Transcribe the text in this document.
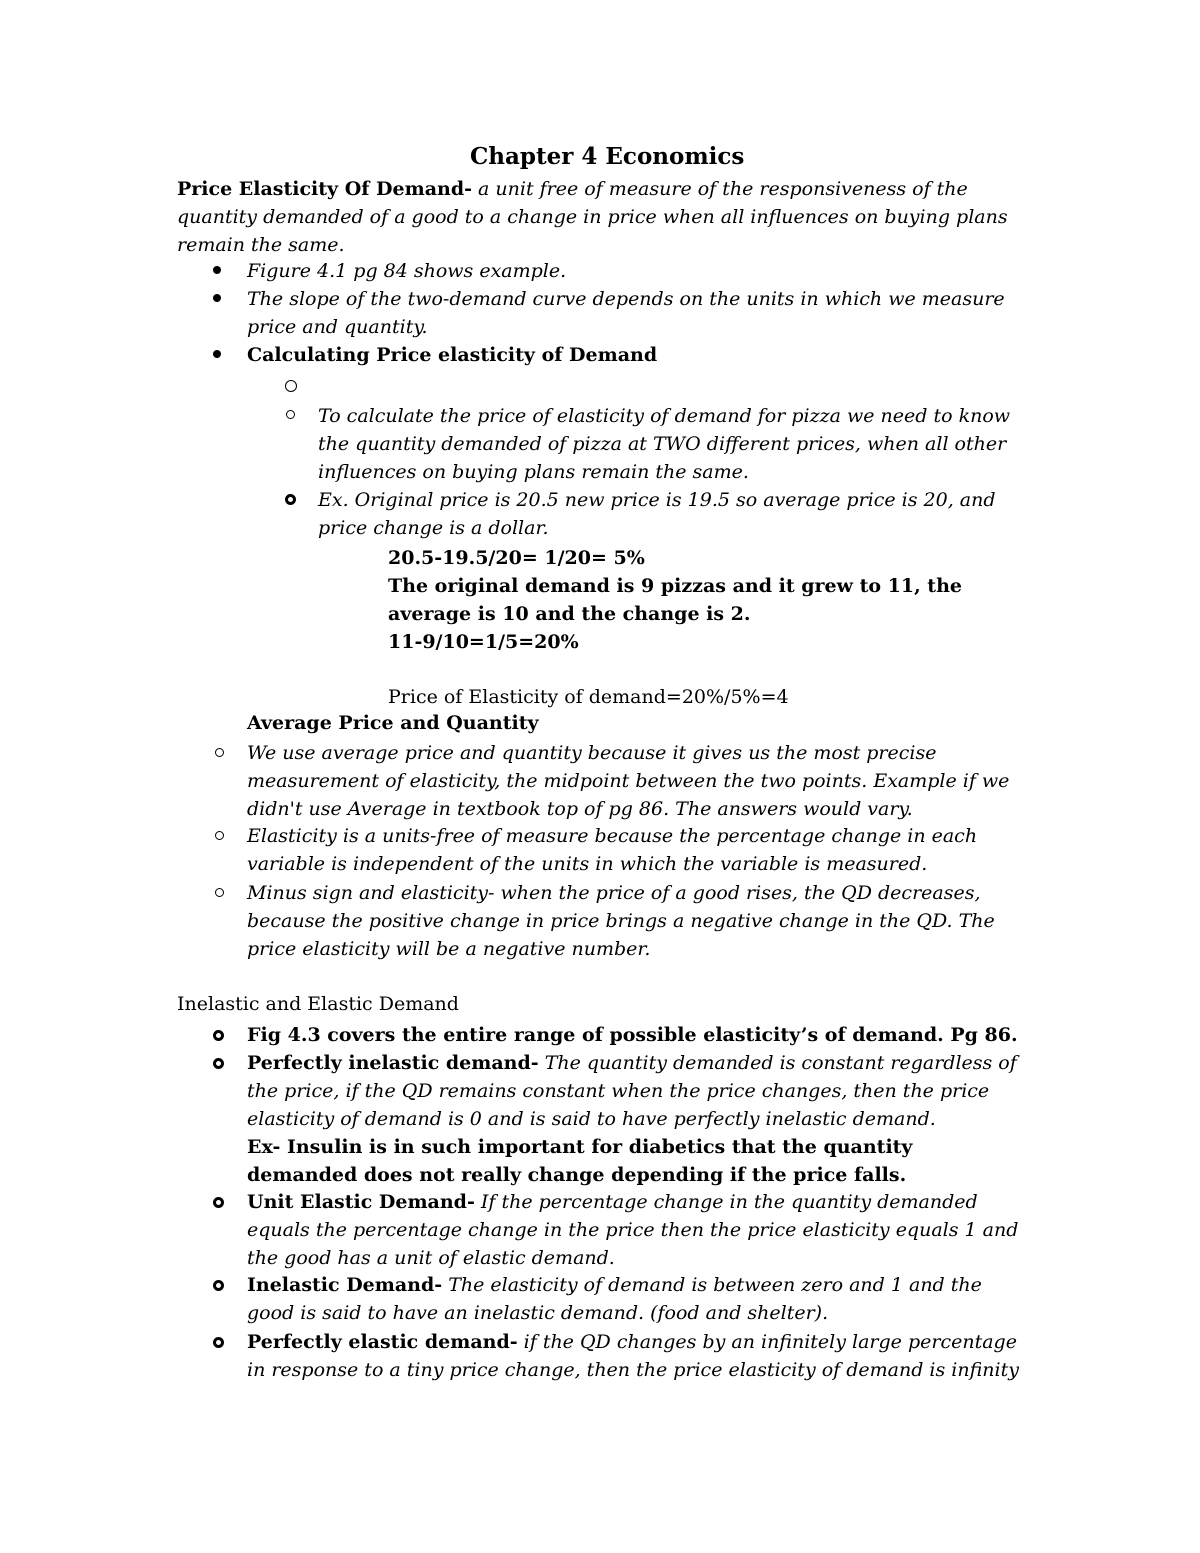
Chapter 4 Economics
Price Elasticity Of Demand- a unit free of measure of the responsiveness of the
quantity demanded of a good to a change in price when all influences on buying plans
remain the same.
Figure 4.1 pg 84 shows example.
The slope of the two-demand curve depends on the units in which we measure
price and quantity.
Calculating Price elasticity of Demand
To calculate the price of elasticity of demand for pizza we need to know
the quantity demanded of pizza at TWO different prices, when all other
influences on buying plans remain the same.
Ex. Original price is 20.5 new price is 19.5 so average price is 20, and
price change is a dollar.
20.5-19.5/20= 1/20= 5%
The original demand is 9 pizzas and it grew to 11, the
average is 10 and the change is 2.
11-9/10=1/5=20%
Price of Elasticity of demand=20%/5%=4
Average Price and Quantity
We use average price and quantity because it gives us the most precise
measurement of elasticity, the midpoint between the two points. Example if we
didn't use Average in textbook top of pg 86. The answers would vary.
Elasticity is a units-free of measure because the percentage change in each
variable is independent of the units in which the variable is measured.
Minus sign and elasticity- when the price of a good rises, the QD decreases,
because the positive change in price brings a negative change in the QD. The
price elasticity will be a negative number.
Inelastic and Elastic Demand
Fig 4.3 covers the entire range of possible elasticity’s of demand. Pg 86.
Perfectly inelastic demand- The quantity demanded is constant regardless of
the price, if the QD remains constant when the price changes, then the price
elasticity of demand is 0 and is said to have perfectly inelastic demand.
Ex- Insulin is in such important for diabetics that the quantity
demanded does not really change depending if the price falls.
Unit Elastic Demand- If the percentage change in the quantity demanded
equals the percentage change in the price then the price elasticity equals 1 and
the good has a unit of elastic demand.
Inelastic Demand- The elasticity of demand is between zero and 1 and the
good is said to have an inelastic demand. (food and shelter).
Perfectly elastic demand- if the QD changes by an infinitely large percentage
in response to a tiny price change, then the price elasticity of demand is infinity
